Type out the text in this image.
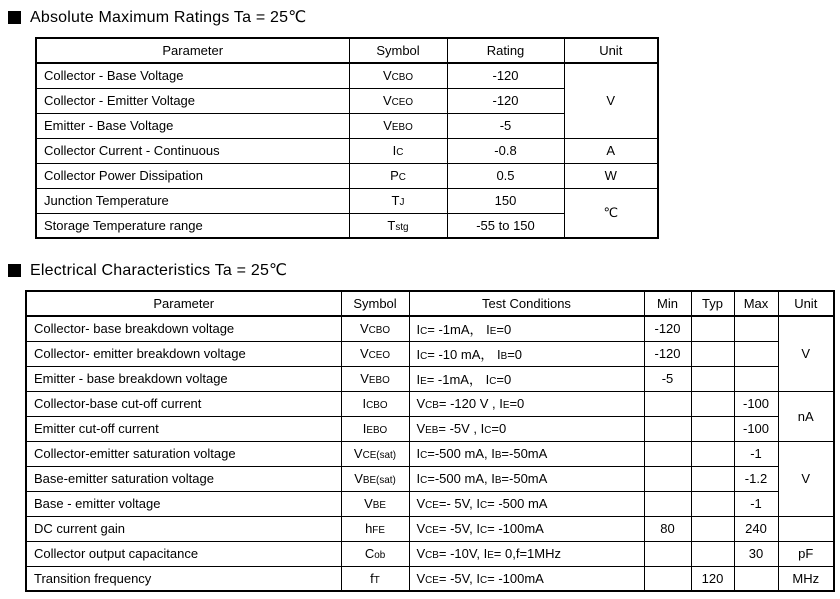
Absolute Maximum Ratings Ta = 25℃
Parameter	Symbol	Rating	Unit
Collector - Base Voltage	VCBO	-120	V
Collector - Emitter Voltage	VCEO	-120	
Emitter - Base Voltage	VEBO	-5	
Collector Current - Continuous	IC	-0.8	A
Collector Power Dissipation	PC	0.5	W
Junction Temperature	TJ	150	℃
Storage Temperature range	Tstg	-55 to 150	
Electrical Characteristics Ta = 25℃
Parameter	Symbol	Test Conditions	Min	Typ	Max	Unit
Collector- base breakdown voltage	VCBO	IC= -1mA， IE=0	-120			V
Collector- emitter breakdown voltage	VCEO	IC= -10 mA， IB=0	-120			
Emitter - base breakdown voltage	VEBO	IE= -1mA， IC=0	-5			
Collector-base cut-off current	ICBO	VCB= -120 V , IE=0			-100	nA
Emitter cut-off current	IEBO	VEB= -5V , IC=0			-100	
Collector-emitter saturation voltage	VCE(sat)	IC=-500 mA, IB=-50mA			-1	V
Base-emitter saturation voltage	VBE(sat)	IC=-500 mA, IB=-50mA			-1.2	
Base - emitter voltage	VBE	VCE=- 5V, IC= -500 mA			-1	
DC current gain	hFE	VCE= -5V, IC= -100mA	80		240	
Collector output capacitance	Cob	VCB= -10V, IE= 0,f=1MHz			30	pF
Transition frequency	fT	VCE= -5V, IC= -100mA		120		MHz
